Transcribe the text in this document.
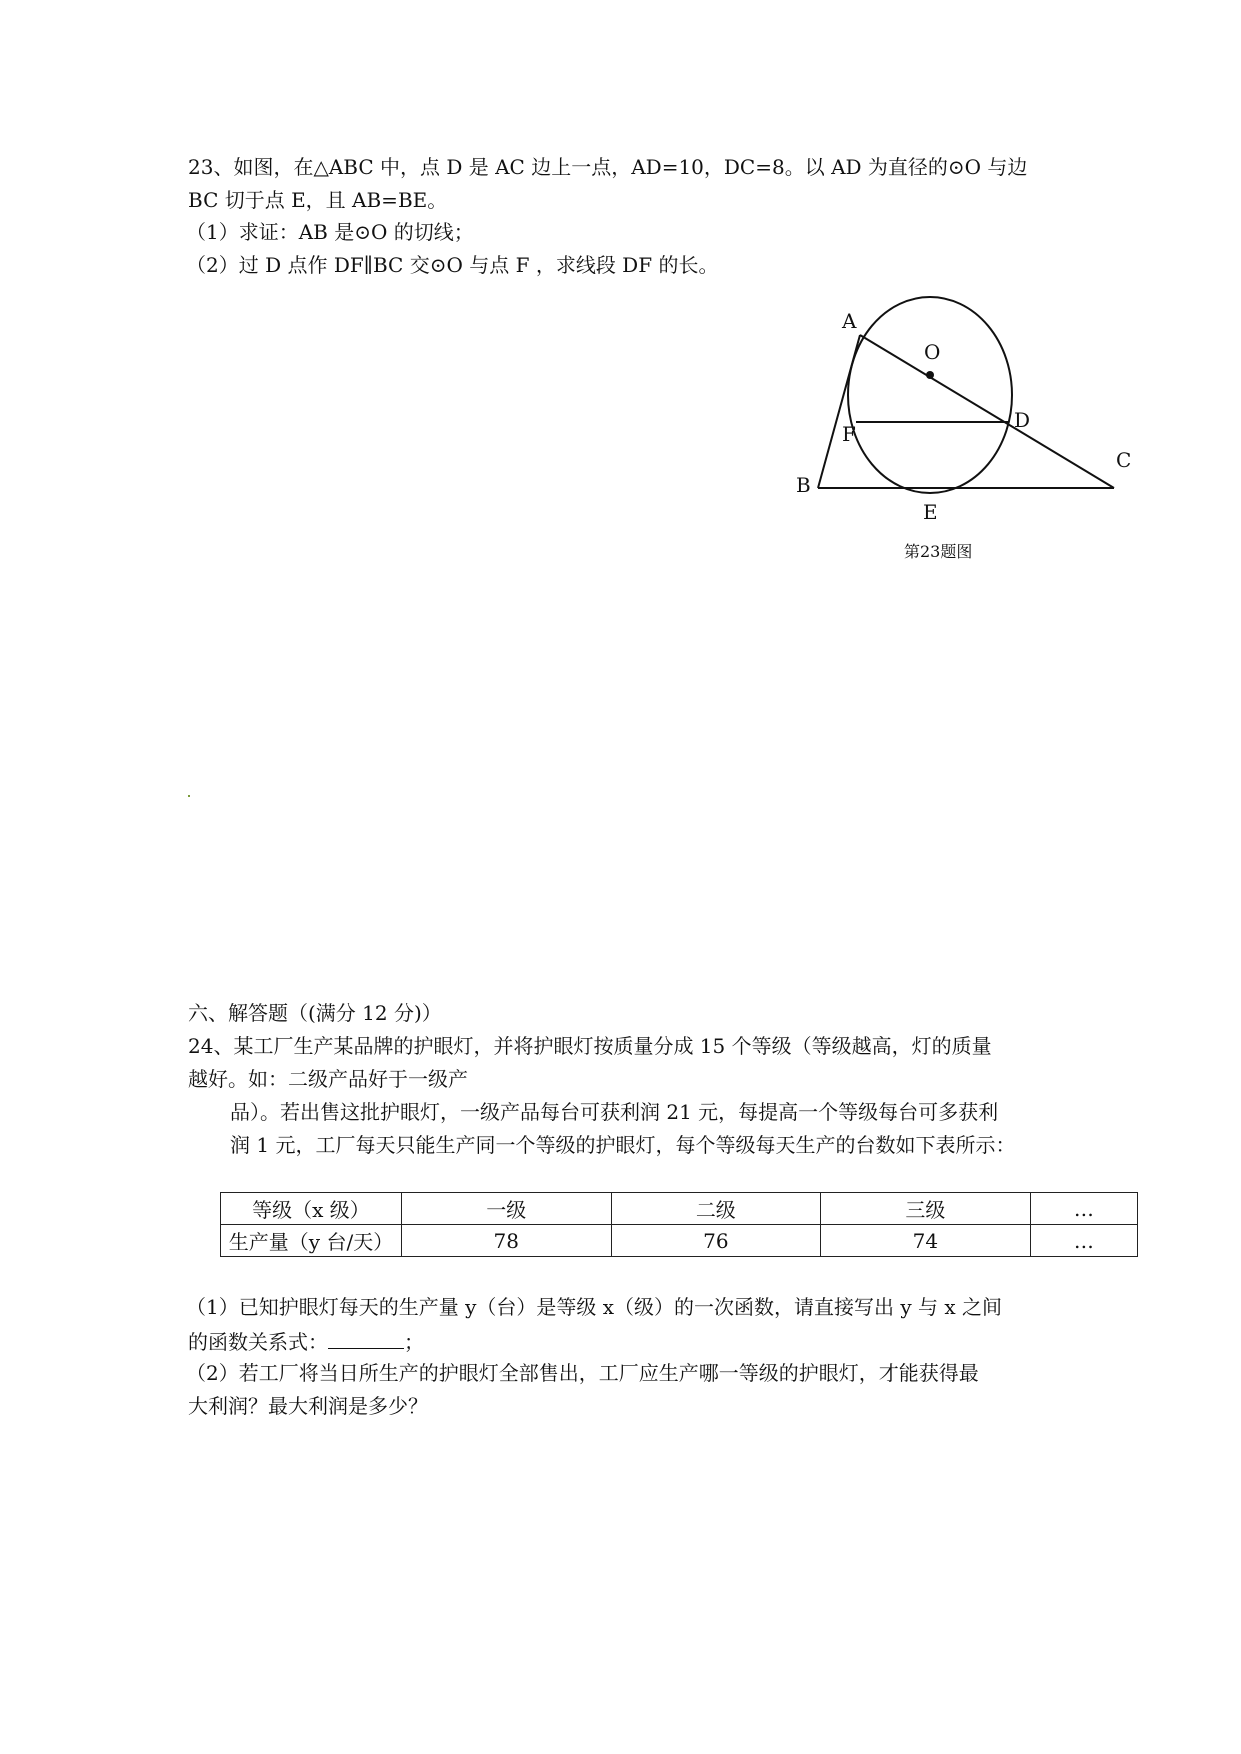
23、如图，在△ABC 中，点 D 是 AC 边上一点，AD=10，DC=8。以 AD 为直径的⊙O 与边
BC 切于点 E，且 AB=BE。
（1）求证：AB 是⊙O 的切线；
（2）过 D 点作 DF∥BC 交⊙O 与点 F ，求线段 DF 的长。
A
O
D
F
B
C
E
第23题图
六、解答题（(满分 12 分)）
24、某工厂生产某品牌的护眼灯，并将护眼灯按质量分成 15 个等级（等级越高，灯的质量
越好。如：二级产品好于一级产
品）。若出售这批护眼灯，一级产品每台可获利润 21 元，每提高一个等级每台可多获利
润 1 元，工厂每天只能生产同一个等级的护眼灯，每个等级每天生产的台数如下表所示：
等级（x 级）	一级	二级	三级	…
生产量（y 台/天）	78	76	74	…
（1）已知护眼灯每天的生产量 y（台）是等级 x（级）的一次函数，请直接写出 y 与 x 之间
的函数关系式：	；
（2）若工厂将当日所生产的护眼灯全部售出，工厂应生产哪一等级的护眼灯，才能获得最
大利润？最大利润是多少？
